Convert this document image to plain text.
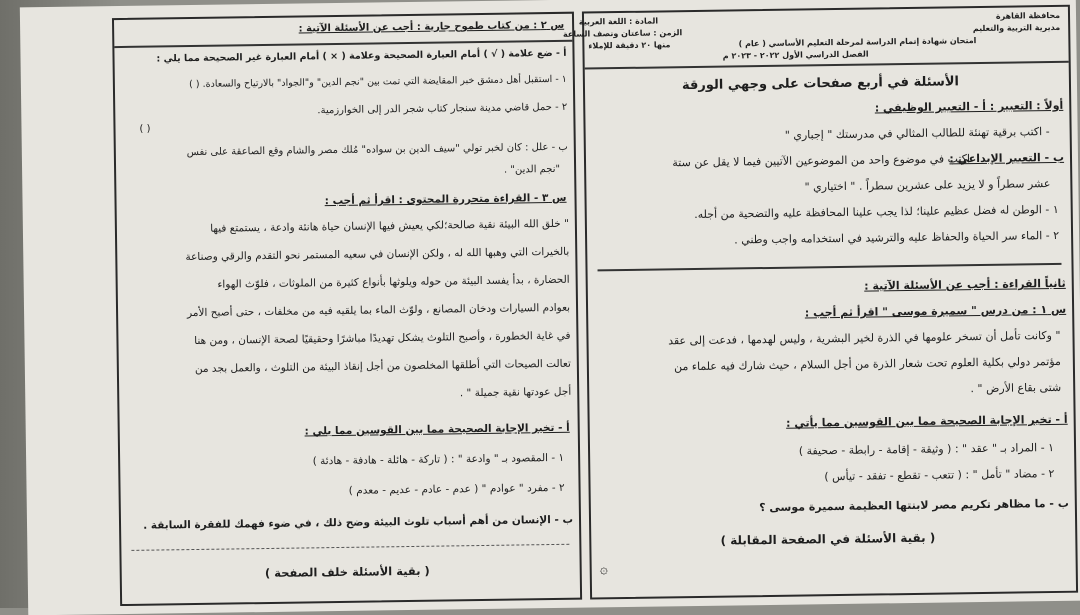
محافظة القاهرة
مديرية التربية والتعليم
المادة : اللغة العربية
الزمن : ساعتان ونصف الساعة
منها ٢٠ دقيقة للإملاء	امتحان شهادة إتمام الدراسة لمرحلة التعليم الأساسي ( عام )
الفصل الدراسي الأول ٢٠٢٢ - ٢٠٢٣ م
الأسئلة في أربع صفحات على وجهي الورقة
أولاً : التعبير : أ - التعبير الوظيفي :
- اكتب برقية تهنئة للطالب المثالي في مدرستك " إجباري "
ب - التعبير الإبداعي :
اكتب في موضوع واحد من الموضوعين الآتيين فيما لا يقل عن ستة
عشر سطراً و لا يزيد على عشرين سطراً . " اختياري "
١ - الوطن له فضل عظيم علينا؛ لذا يجب علينا المحافظة عليه والتضحية من أجله.
٢ - الماء سر الحياة والحفاظ عليه والترشيد في استخدامه واجب وطني .
ثانياً القراءة : أجب عن الأسئلة الآتية :
س ١ : من درس " سميرة موسى " اقرأ ثم أجب :
" وكانت تأمل أن تسخر علومها في الذرة لخير البشرية ، وليس لهدمها ، فدعت إلى عقد
مؤتمر دولي بكلية العلوم تحت شعار الذرة من أجل السلام ، حيث شارك فيه علماء من
شتى بقاع الأرض " .
أ - تخير الإجابة الصحيحة مما بين القوسين مما يأتي :
١ - المراد بـ " عقد " : ( وثيقة - إقامة - رابطة - صحيفة )
٢ - مضاد " تأمل " : ( تتعب - تقطع - تفقد - تيأس )
ب - ما مظاهر تكريم مصر لابنتها العظيمة سميرة موسى ؟
( بقية الأسئلة في الصفحة المقابلة )
۞
س ٢ : من كتاب طموح جارية : أجب عن الأسئلة الآتية :
أ - ضع علامة ( √ ) أمام العبارة الصحيحة وعلامة ( × ) أمام العبارة غير الصحيحة مما يلي :
١ - استقبل أهل دمشق خبر المقايضة التي تمت بين "نجم الدين" و"الجواد" بالارتياح والسعادة. ( )
٢ - حمل قاضي مدينة سنجار كتاب شجر الدر إلى الخوارزمية.
( )
ب - علل : كان لخبر تولي "سيف الدين بن سواده" مُلك مصر والشام وقع الصاعقة على نفس
"نجم الدين" .
س ٣ - القراءة متحررة المحتوى : اقرأ ثم أجب :
" خلق الله البيئة نقية صالحة؛لكي يعيش فيها الإنسان حياة هانئة وادعة ، يستمتع فيها
بالخيرات التي وهبها الله له ، ولكن الإنسان في سعيه المستمر نحو التقدم والرقي وصناعة
الحضارة ، بدأ يفسد البيئة من حوله ويلوثها بأنواع كثيرة من الملوثات ، فلوّث الهواء
بعوادم السيارات ودخان المصانع ، ولوّث الماء بما يلقيه فيه من مخلفات ، حتى أصبح الأمر
في غاية الخطورة ، وأصبح التلوث يشكل تهديدًا مباشرًا وحقيقيًا لصحة الإنسان ، ومن هنا
تعالت الصيحات التي أطلقها المخلصون من أجل إنقاذ البيئة من التلوث ، والعمل بجد من
أجل عودتها نقية جميلة " .
أ - تخير الإجابة الصحيحة مما بين القوسين مما يلي :
١ - المقصود بـ " وادعة " : ( تاركة - هائلة - هادفة - هادئة )
٢ - مفرد " عوادم " ( عدم - عادم - عديم - معدم )
ب - الإنسان من أهم أسباب تلوث البيئة وضح ذلك ، في ضوء فهمك للفقرة السابقة .
( بقية الأسئلة خلف الصفحة )
